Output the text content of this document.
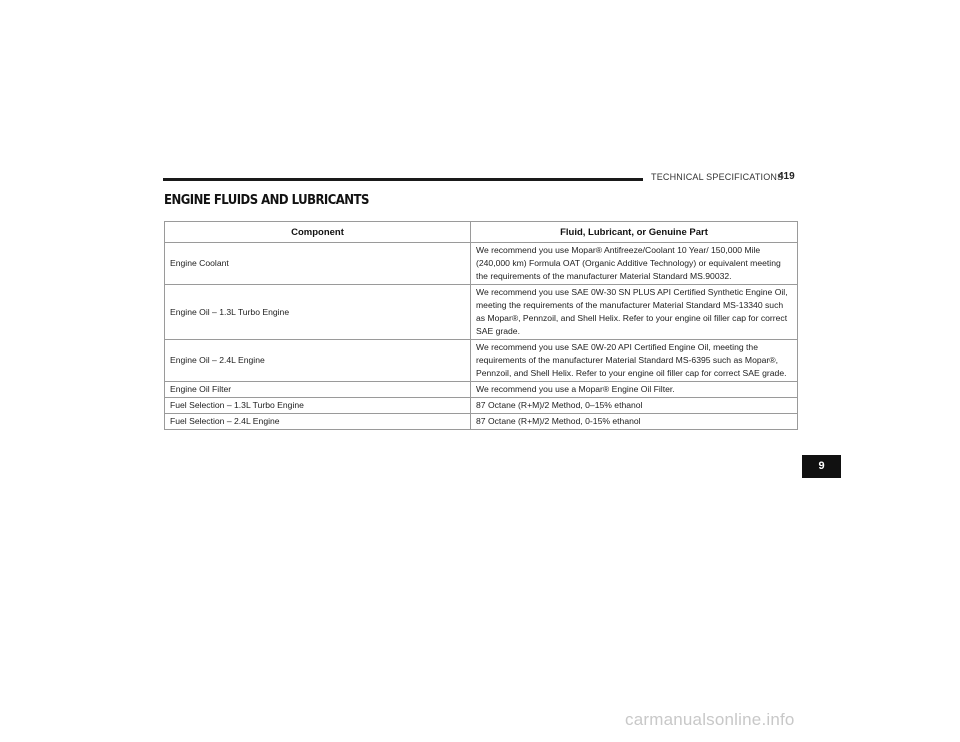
TECHNICAL SPECIFICATIONS
419
ENGINE FLUIDS AND LUBRICANTS
Component	Fluid, Lubricant, or Genuine Part
Engine Coolant	We recommend you use Mopar® Antifreeze/Coolant 10 Year/ 150,000 Mile (240,000 km) Formula OAT (Organic Additive Technology) or equivalent meeting the requirements of the manufacturer Material Standard MS.90032.
Engine Oil – 1.3L Turbo Engine	We recommend you use SAE 0W-30 SN PLUS API Certified Synthetic Engine Oil, meeting the requirements of the manufacturer Material Standard MS-13340 such as Mopar®, Pennzoil, and Shell Helix. Refer to your engine oil filler cap for correct SAE grade.
Engine Oil – 2.4L Engine	We recommend you use SAE 0W-20 API Certified Engine Oil, meeting the requirements of the manufacturer Material Standard MS-6395 such as Mopar®, Pennzoil, and Shell Helix. Refer to your engine oil filler cap for correct SAE grade.
Engine Oil Filter	We recommend you use a Mopar® Engine Oil Filter.
Fuel Selection – 1.3L Turbo Engine	87 Octane (R+M)/2 Method, 0–15% ethanol
Fuel Selection – 2.4L Engine	87 Octane (R+M)/2 Method, 0-15% ethanol
9
carmanualsonline.info
